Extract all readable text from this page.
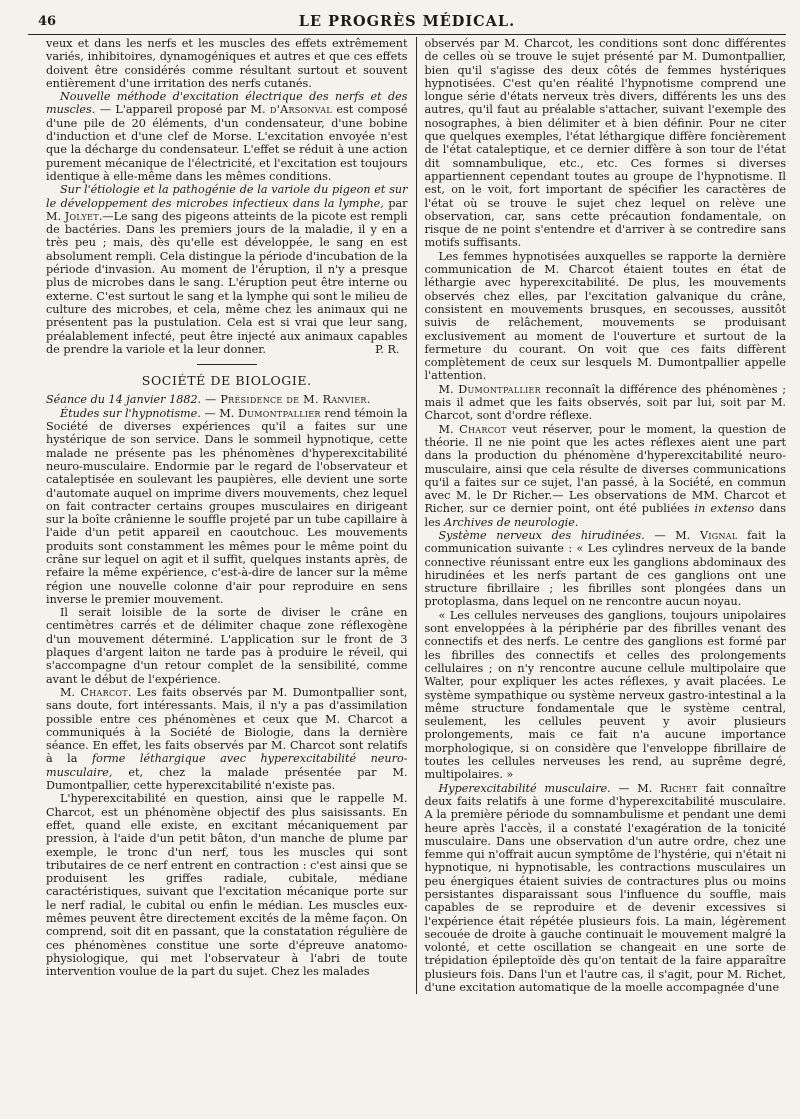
46	LE PROGRÈS MÉDICAL.

veux et dans les nerfs et les muscles des effets extrêmement variés, inhibitoires, dynamogéniques et autres et que ces effets doivent être considérés comme résultant surtout et souvent entièrement d'une irritation des nerfs cutanés.

Nouvelle méthode d'excitation électrique des nerfs et des muscles. — L'appareil proposé par M. d'Arsonval est composé d'une pile de 20 éléments, d'un condensateur, d'une bobine d'induction et d'une clef de Morse. L'excitation envoyée n'est que la décharge du condensateur. L'effet se réduit à une action purement mécanique de l'électricité, et l'excitation est toujours identique à elle-même dans les mêmes conditions.

Sur l'étiologie et la pathogénie de la variole du pigeon et sur le développement des microbes infectieux dans la lymphe, par M. Jolyet.—Le sang des pigeons atteints de la picote est rempli de bactéries. Dans les premiers jours de la maladie, il y en a très peu ; mais, dès qu'elle est développée, le sang en est absolument rempli. Cela distingue la période d'incubation de la période d'invasion. Au moment de l'éruption, il n'y a presque plus de microbes dans le sang. L'éruption peut être interne ou externe. C'est surtout le sang et la lymphe qui sont le milieu de culture des microbes, et cela, même chez les animaux qui ne présentent pas la pustulation. Cela est si vrai que leur sang, préalablement infecté, peut être injecté aux animaux capables de prendre la variole et la leur donner.	P. R.

SOCIÉTÉ DE BIOLOGIE.

Séance du 14 janvier 1882. — Présidence de M. Ranvier.

Études sur l'hypnotisme. — M. Dumontpallier rend témoin la Société de diverses expériences qu'il a faites sur une hystérique de son service. Dans le sommeil hypnotique, cette malade ne présente pas les phénomènes d'hyperexcitabilité neuro-musculaire. Endormie par le regard de l'observateur et cataleptisée en soulevant les paupières, elle devient une sorte d'automate auquel on imprime divers mouvements, chez lequel on fait contracter certains groupes musculaires en dirigeant sur la boîte crânienne le souffle projeté par un tube capillaire à l'aide d'un petit appareil en caoutchouc. Les mouvements produits sont constamment les mêmes pour le même point du crâne sur lequel on agit et il suffit, quelques instants après, de refaire la même expérience, c'est-à-dire de lancer sur la même région une nouvelle colonne d'air pour reproduire en sens inverse le premier mouvement.

Il serait loisible de la sorte de diviser le crâne en centimètres carrés et de délimiter chaque zone réflexogène d'un mouvement déterminé. L'application sur le front de 3 plaques d'argent laiton ne tarde pas à produire le réveil, qui s'accompagne d'un retour complet de la sensibilité, comme avant le début de l'expérience.

M. Charcot. Les faits observés par M. Dumontpallier sont, sans doute, fort intéressants. Mais, il n'y a pas d'assimilation possible entre ces phénomènes et ceux que M. Charcot a communiqués à la Société de Biologie, dans la dernière séance. En effet, les faits observés par M. Charcot sont relatifs à la forme léthargique avec hyperexcitabilité neuro-musculaire, et, chez la malade présentée par M. Dumontpallier, cette hyperexcitabilité n'existe pas.

L'hyperexcitabilité en question, ainsi que le rappelle M. Charcot, est un phénomène objectif des plus saisissants. En effet, quand elle existe, en excitant mécaniquement par pression, à l'aide d'un petit bâton, d'un manche de plume par exemple, le tronc d'un nerf, tous les muscles qui sont tributaires de ce nerf entrent en contraction : c'est ainsi que se produisent les griffes radiale, cubitale, médiane caractéristiques, suivant que l'excitation mécanique porte sur le nerf radial, le cubital ou enfin le médian. Les muscles eux-mêmes peuvent être directement excités de la même façon. On comprend, soit dit en passant, que la constatation régulière de ces phénomènes constitue une sorte d'épreuve anatomo-physiologique, qui met l'observateur à l'abri de toute intervention voulue de la part du sujet. Chez les malades

observés par M. Charcot, les conditions sont donc différentes de celles où se trouve le sujet présenté par M. Dumontpallier, bien qu'il s'agisse des deux côtés de femmes hystériques hypnotisées. C'est qu'en réalité l'hypnotisme comprend une longue série d'états nerveux très divers, différents les uns des autres, qu'il faut au préalable s'attacher, suivant l'exemple des nosographes, à bien délimiter et à bien définir. Pour ne citer que quelques exemples, l'état léthargique diffère foncièrement de l'état cataleptique, et ce dernier diffère à son tour de l'état dit somnambulique, etc., etc. Ces formes si diverses appartiennent cependant toutes au groupe de l'hypnotisme. Il est, on le voit, fort important de spécifier les caractères de l'état où se trouve le sujet chez lequel on relève une observation, car, sans cette précaution fondamentale, on risque de ne point s'entendre et d'arriver à se contredire sans motifs suffisants.

Les femmes hypnotisées auxquelles se rapporte la dernière communication de M. Charcot étaient toutes en état de léthargie avec hyperexcitabilité. De plus, les mouvements observés chez elles, par l'excitation galvanique du crâne, consistent en mouvements brusques, en secousses, aussitôt suivis de relâchement, mouvements se produisant exclusivement au moment de l'ouverture et surtout de la fermeture du courant. On voit que ces faits diffèrent complètement de ceux sur lesquels M. Dumontpallier appelle l'attention.

M. Dumontpallier reconnaît la différence des phénomènes ; mais il admet que les faits observés, soit par lui, soit par M. Charcot, sont d'ordre réflexe.

M. Charcot veut réserver, pour le moment, la question de théorie. Il ne nie point que les actes réflexes aient une part dans la production du phénomène d'hyperexcitabilité neuro-musculaire, ainsi que cela résulte de diverses communications qu'il a faites sur ce sujet, l'an passé, à la Société, en commun avec M. le Dr Richer.— Les observations de MM. Charcot et Richer, sur ce dernier point, ont été publiées in extenso dans les Archives de neurologie.

Système nerveux des hirudinées. — M. Vignal fait la communication suivante : « Les cylindres nerveux de la bande connective réunissant entre eux les ganglions abdominaux des hirudinées et les nerfs partant de ces ganglions ont une structure fibrillaire ; les fibrilles sont plongées dans un protoplasma, dans lequel on ne rencontre aucun noyau.

« Les cellules nerveuses des ganglions, toujours unipolaires sont enveloppées à la périphérie par des fibrilles venant des connectifs et des nerfs. Le centre des ganglions est formé par les fibrilles des connectifs et celles des prolongements cellulaires ; on n'y rencontre aucune cellule multipolaire que Walter, pour expliquer les actes réflexes, y avait placées. Le système sympathique ou système nerveux gastro-intestinal a la même structure fondamentale que le système central, seulement, les cellules peuvent y avoir plusieurs prolongements, mais ce fait n'a aucune importance morphologique, si on considère que l'enveloppe fibrillaire de toutes les cellules nerveuses les rend, au suprême degré, multipolaires. »

Hyperexcitabilité musculaire. — M. Richet fait connaître deux faits relatifs à une forme d'hyperexcitabilité musculaire. A la première période du somnambulisme et pendant une demi heure après l'accès, il a constaté l'exagération de la tonicité musculaire. Dans une observation d'un autre ordre, chez une femme qui n'offrait aucun symptôme de l'hystérie, qui n'était ni hypnotique, ni hypnotisable, les contractions musculaires un peu énergiques étaient suivies de contractures plus ou moins persistantes disparaissant sous l'influence du souffle, mais capables de se reproduire et de devenir excessives si l'expérience était répétée plusieurs fois. La main, légèrement secouée de droite à gauche continuait le mouvement malgré la volonté, et cette oscillation se changeait en une sorte de trépidation épileptoïde dès qu'on tentait de la faire apparaître plusieurs fois. Dans l'un et l'autre cas, il s'agit, pour M. Richet, d'une excitation automatique de la moelle accompagnée d'une
